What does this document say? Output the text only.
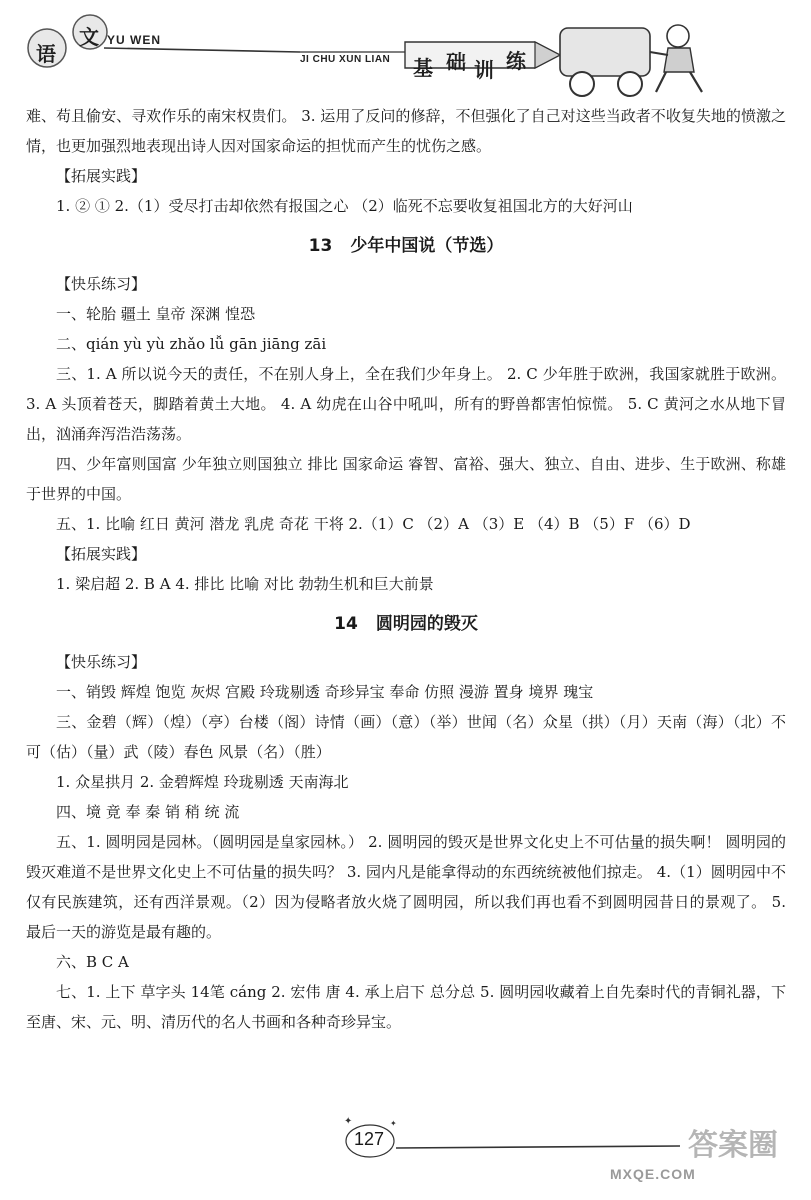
语
文 YU WEN
JI CHU XUN LIAN 基 础 训 练

难、苟且偷安、寻欢作乐的南宋权贵们。 3. 运用了反问的修辞，不但强化了自己对这些当政者不收复失地的愤激之情，也更加强烈地表现出诗人因对国家命运的担忧而产生的忧伤之感。

【拓展实践】

1. ② ① 2.（1）受尽打击却依然有报国之心 （2）临死不忘要收复祖国北方的大好河山

13 少年中国说（节选）

【快乐练习】

一、轮胎 疆土 皇帝 深渊 惶恐

二、qián yù yù zhǎo lǚ gān jiāng zāi

三、1. A 所以说今天的责任，不在别人身上，全在我们少年身上。 2. C 少年胜于欧洲，我国家就胜于欧洲。 3. A 头顶着苍天，脚踏着黄土大地。 4. A 幼虎在山谷中吼叫，所有的野兽都害怕惊慌。 5. C 黄河之水从地下冒出，汹涌奔泻浩浩荡荡。

四、少年富则国富 少年独立则国独立 排比 国家命运 睿智、富裕、强大、独立、自由、进步、生于欧洲、称雄于世界的中国。

五、1. 比喻 红日 黄河 潜龙 乳虎 奇花 干将 2.（1）C （2）A （3）E （4）B （5）F （6）D

【拓展实践】

1. 梁启超 2. B A 4. 排比 比喻 对比 勃勃生机和巨大前景

14 圆明园的毁灭

【快乐练习】

一、销毁 辉煌 饱览 灰烬 宫殿 玲珑剔透 奇珍异宝 奉命 仿照 漫游 置身 境界 瑰宝

三、金碧（辉）（煌）（亭）台楼（阁）诗情（画）（意）（举）世闻（名）众星（拱）（月）天南（海）（北）不可（估）（量）武（陵）春色 风景（名）（胜）

1. 众星拱月 2. 金碧辉煌 玲珑剔透 天南海北

四、境 竟 奉 秦 销 稍 统 流

五、1. 圆明园是园林。（圆明园是皇家园林。） 2. 圆明园的毁灭是世界文化史上不可估量的损失啊！ 圆明园的毁灭难道不是世界文化史上不可估量的损失吗？ 3. 园内凡是能拿得动的东西统统被他们掠走。 4.（1）圆明园中不仅有民族建筑，还有西洋景观。（2）因为侵略者放火烧了圆明园，所以我们再也看不到圆明园昔日的景观了。 5. 最后一天的游览是最有趣的。

六、B C A

七、1. 上下 草字头 14笔 cáng 2. 宏伟 唐 4. 承上启下 总分总 5. 圆明园收藏着上自先秦时代的青铜礼器，下至唐、宋、元、明、清历代的名人书画和各种奇珍异宝。

✦	✦
127	答案圈
MXQE.COM
